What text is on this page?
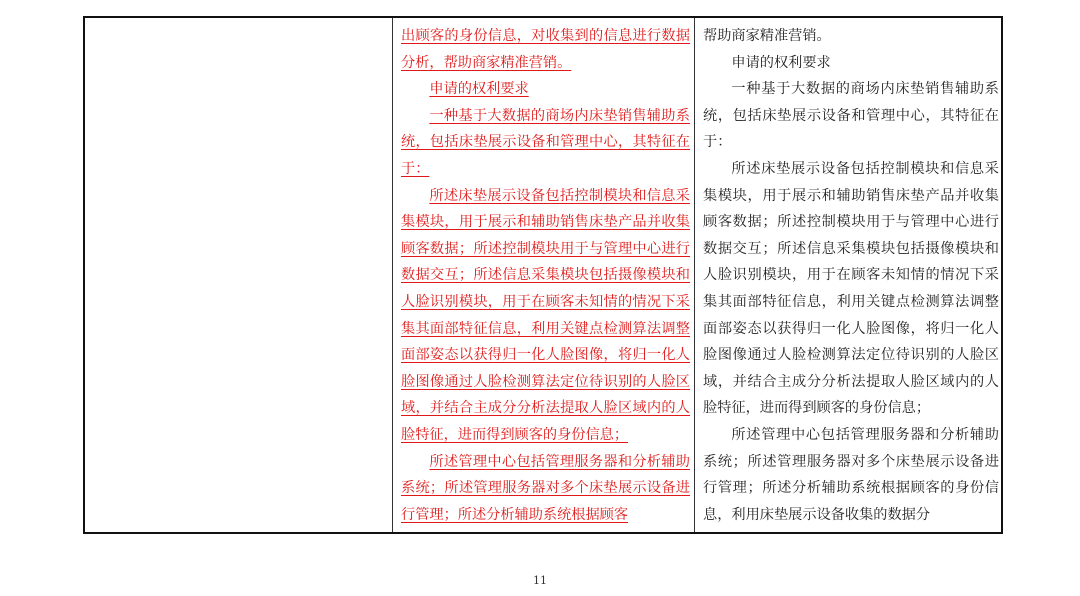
出顾客的身份信息，对收集到的信息进行数据分析，帮助商家精准营销。

申请的权利要求

一种基于大数据的商场内床垫销售辅助系统，包括床垫展示设备和管理中心，其特征在于：

所述床垫展示设备包括控制模块和信息采集模块，用于展示和辅助销售床垫产品并收集顾客数据；所述控制模块用于与管理中心进行数据交互；所述信息采集模块包括摄像模块和人脸识别模块，用于在顾客未知情的情况下采集其面部特征信息，利用关键点检测算法调整面部姿态以获得归一化人脸图像，将归一化人脸图像通过人脸检测算法定位待识别的人脸区域，并结合主成分分析法提取人脸区域内的人脸特征，进而得到顾客的身份信息；

所述管理中心包括管理服务器和分析辅助系统；所述管理服务器对多个床垫展示设备进行管理；所述分析辅助系统根据顾客

帮助商家精准营销。

申请的权利要求

一种基于大数据的商场内床垫销售辅助系统，包括床垫展示设备和管理中心，其特征在于：

所述床垫展示设备包括控制模块和信息采集模块，用于展示和辅助销售床垫产品并收集顾客数据；所述控制模块用于与管理中心进行数据交互；所述信息采集模块包括摄像模块和人脸识别模块，用于在顾客未知情的情况下采集其面部特征信息，利用关键点检测算法调整面部姿态以获得归一化人脸图像，将归一化人脸图像通过人脸检测算法定位待识别的人脸区域，并结合主成分分析法提取人脸区域内的人脸特征，进而得到顾客的身份信息；

所述管理中心包括管理服务器和分析辅助系统；所述管理服务器对多个床垫展示设备进行管理；所述分析辅助系统根据顾客的身份信息，利用床垫展示设备收集的数据分

11
